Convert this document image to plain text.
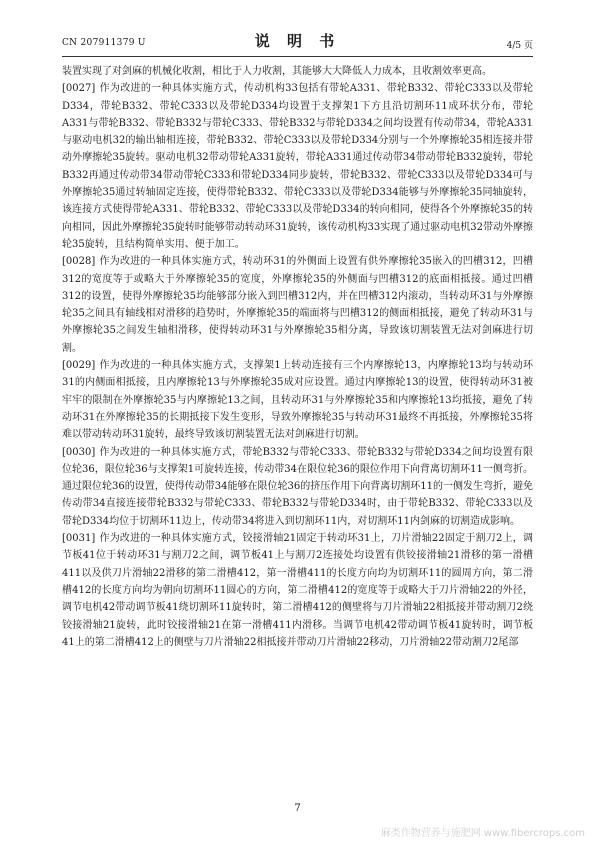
CN 207911379 U	说 明 书	4/5 页

装置实现了对剑麻的机械化收割，相比于人力收割，其能够大大降低人力成本，且收割效率更高。

[0027] 作为改进的一种具体实施方式，传动机构33包括有带轮A331、带轮B332、带轮C333以及带轮D334，带轮B332、带轮C333以及带轮D334均设置于支撑架1下方且沿切割环11成环状分布，带轮A331与带轮B332、带轮B332与带轮C333、带轮B332与带轮D334之间均设置有传动带34，带轮A331与驱动电机32的输出轴相连接，带轮B332、带轮C333以及带轮D334分别与一个外摩擦轮35相连接并带动外摩擦轮35旋转。驱动电机32带动带轮A331旋转，带轮A331通过传动带34带动带轮B332旋转，带轮B332再通过传动带34带动带轮C333和带轮D334同步旋转，带轮B332、带轮C333以及带轮D334可与外摩擦轮35通过转轴固定连接，使得带轮B332、带轮C333以及带轮D334能够与外摩擦轮35同轴旋转，该连接方式使得带轮A331、带轮B332、带轮C333以及带轮D334的转向相同，使得各个外摩擦轮35的转向相同，因此外摩擦轮35旋转时能够带动转动环31旋转，该传动机构33实现了通过驱动电机32带动外摩擦轮35旋转，且结构简单实用、便于加工。

[0028] 作为改进的一种具体实施方式，转动环31的外侧面上设置有供外摩擦轮35嵌入的凹槽312，凹槽312的宽度等于或略大于外摩擦轮35的宽度，外摩擦轮35的外侧面与凹槽312的底面相抵接。通过凹槽312的设置，使得外摩擦轮35均能够部分嵌入到凹槽312内，并在凹槽312内滚动，当转动环31与外摩擦轮35之间具有轴线相对滑移的趋势时，外摩擦轮35的端面将与凹槽312的侧面相抵接，避免了转动环31与外摩擦轮35之间发生轴相滑移，使得转动环31与外摩擦轮35相分离，导致该切割装置无法对剑麻进行切割。

[0029] 作为改进的一种具体实施方式，支撑架1上转动连接有三个内摩擦轮13，内摩擦轮13均与转动环31的内侧面相抵接，且内摩擦轮13与外摩擦轮35成对应设置。通过内摩擦轮13的设置，使得转动环31被牢牢的限制在外摩擦轮35与内摩擦轮13之间，且转动环31与外摩擦轮35和内摩擦轮13均抵接，避免了转动环31在外摩擦轮35的长期抵接下发生变形，导致外摩擦轮35与转动环31最终不再抵接，外摩擦轮35将难以带动转动环31旋转，最终导致该切割装置无法对剑麻进行切割。

[0030] 作为改进的一种具体实施方式，带轮B332与带轮C333、带轮B332与带轮D334之间均设置有限位轮36，限位轮36与支撑架1可旋转连接，传动带34在限位轮36的限位作用下向背离切割环11一侧弯折。通过限位轮36的设置，使得传动带34能够在限位轮36的挤压作用下向背离切割环11的一侧发生弯折，避免传动带34直接连接带轮B332与带轮C333、带轮B332与带轮D334时，由于带轮B332、带轮C333以及带轮D334均位于切割环11边上，传动带34将进入到切割环11内，对切割环11内剑麻的切割造成影响。

[0031] 作为改进的一种具体实施方式，铰接滑轴21固定于转动环31上，刀片滑轴22固定于割刀2上，调节板41位于转动环31与割刀2之间，调节板41上与割刀2连接处均设置有供铰接滑轴21滑移的第一滑槽411以及供刀片滑轴22滑移的第二滑槽412，第一滑槽411的长度方向均为切割环11的圆周方向，第二滑槽412的长度方向均为朝向切割环11圆心的方向，第二滑槽412的宽度等于或略大于刀片滑轴22的外径，调节电机42带动调节板41绕切割环11旋转时，第二滑槽412的侧壁将与刀片滑轴22相抵接并带动割刀2绕铰接滑轴21旋转，此时铰接滑轴21在第一滑槽411内滑移。当调节电机42带动调节板41旋转时，调节板41上的第二滑槽412上的侧壁与刀片滑轴22相抵接并带动刀片滑轴22移动，刀片滑轴22带动割刀2尾部

7
麻类作物营养与施肥网 www.fibercrops.com
